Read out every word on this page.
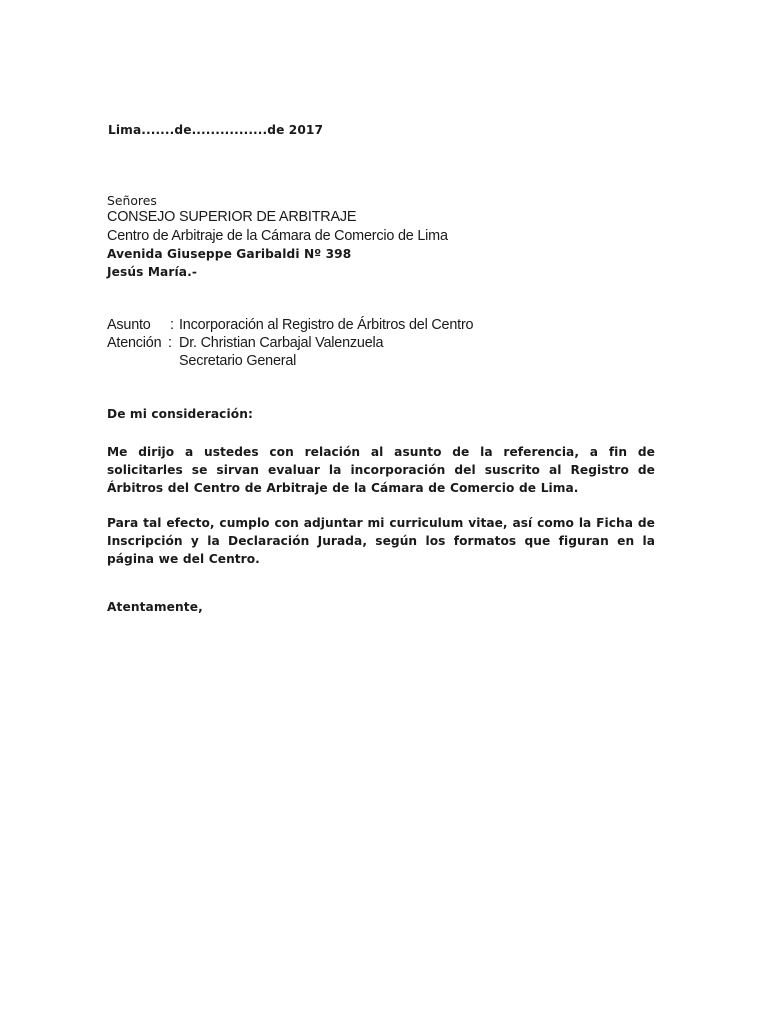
Lima.......de................de 2017
Señores
CONSEJO SUPERIOR DE ARBITRAJE
Centro de Arbitraje de la Cámara de Comercio de Lima
Avenida Giuseppe Garibaldi Nº 398
Jesús María.-
Asunto : Incorporación al Registro de Árbitros del Centro
Atención : Dr. Christian Carbajal Valenzuela
Secretario General
De mi consideración:
Me dirijo a ustedes con relación al asunto de la referencia, a fin de solicitarles se sirvan evaluar la incorporación del suscrito al Registro de Árbitros del Centro de Arbitraje de la Cámara de Comercio de Lima.
Para tal efecto, cumplo con adjuntar mi curriculum vitae, así como la Ficha de Inscripción y la Declaración Jurada, según los formatos que figuran en la página we del Centro.
Atentamente,
